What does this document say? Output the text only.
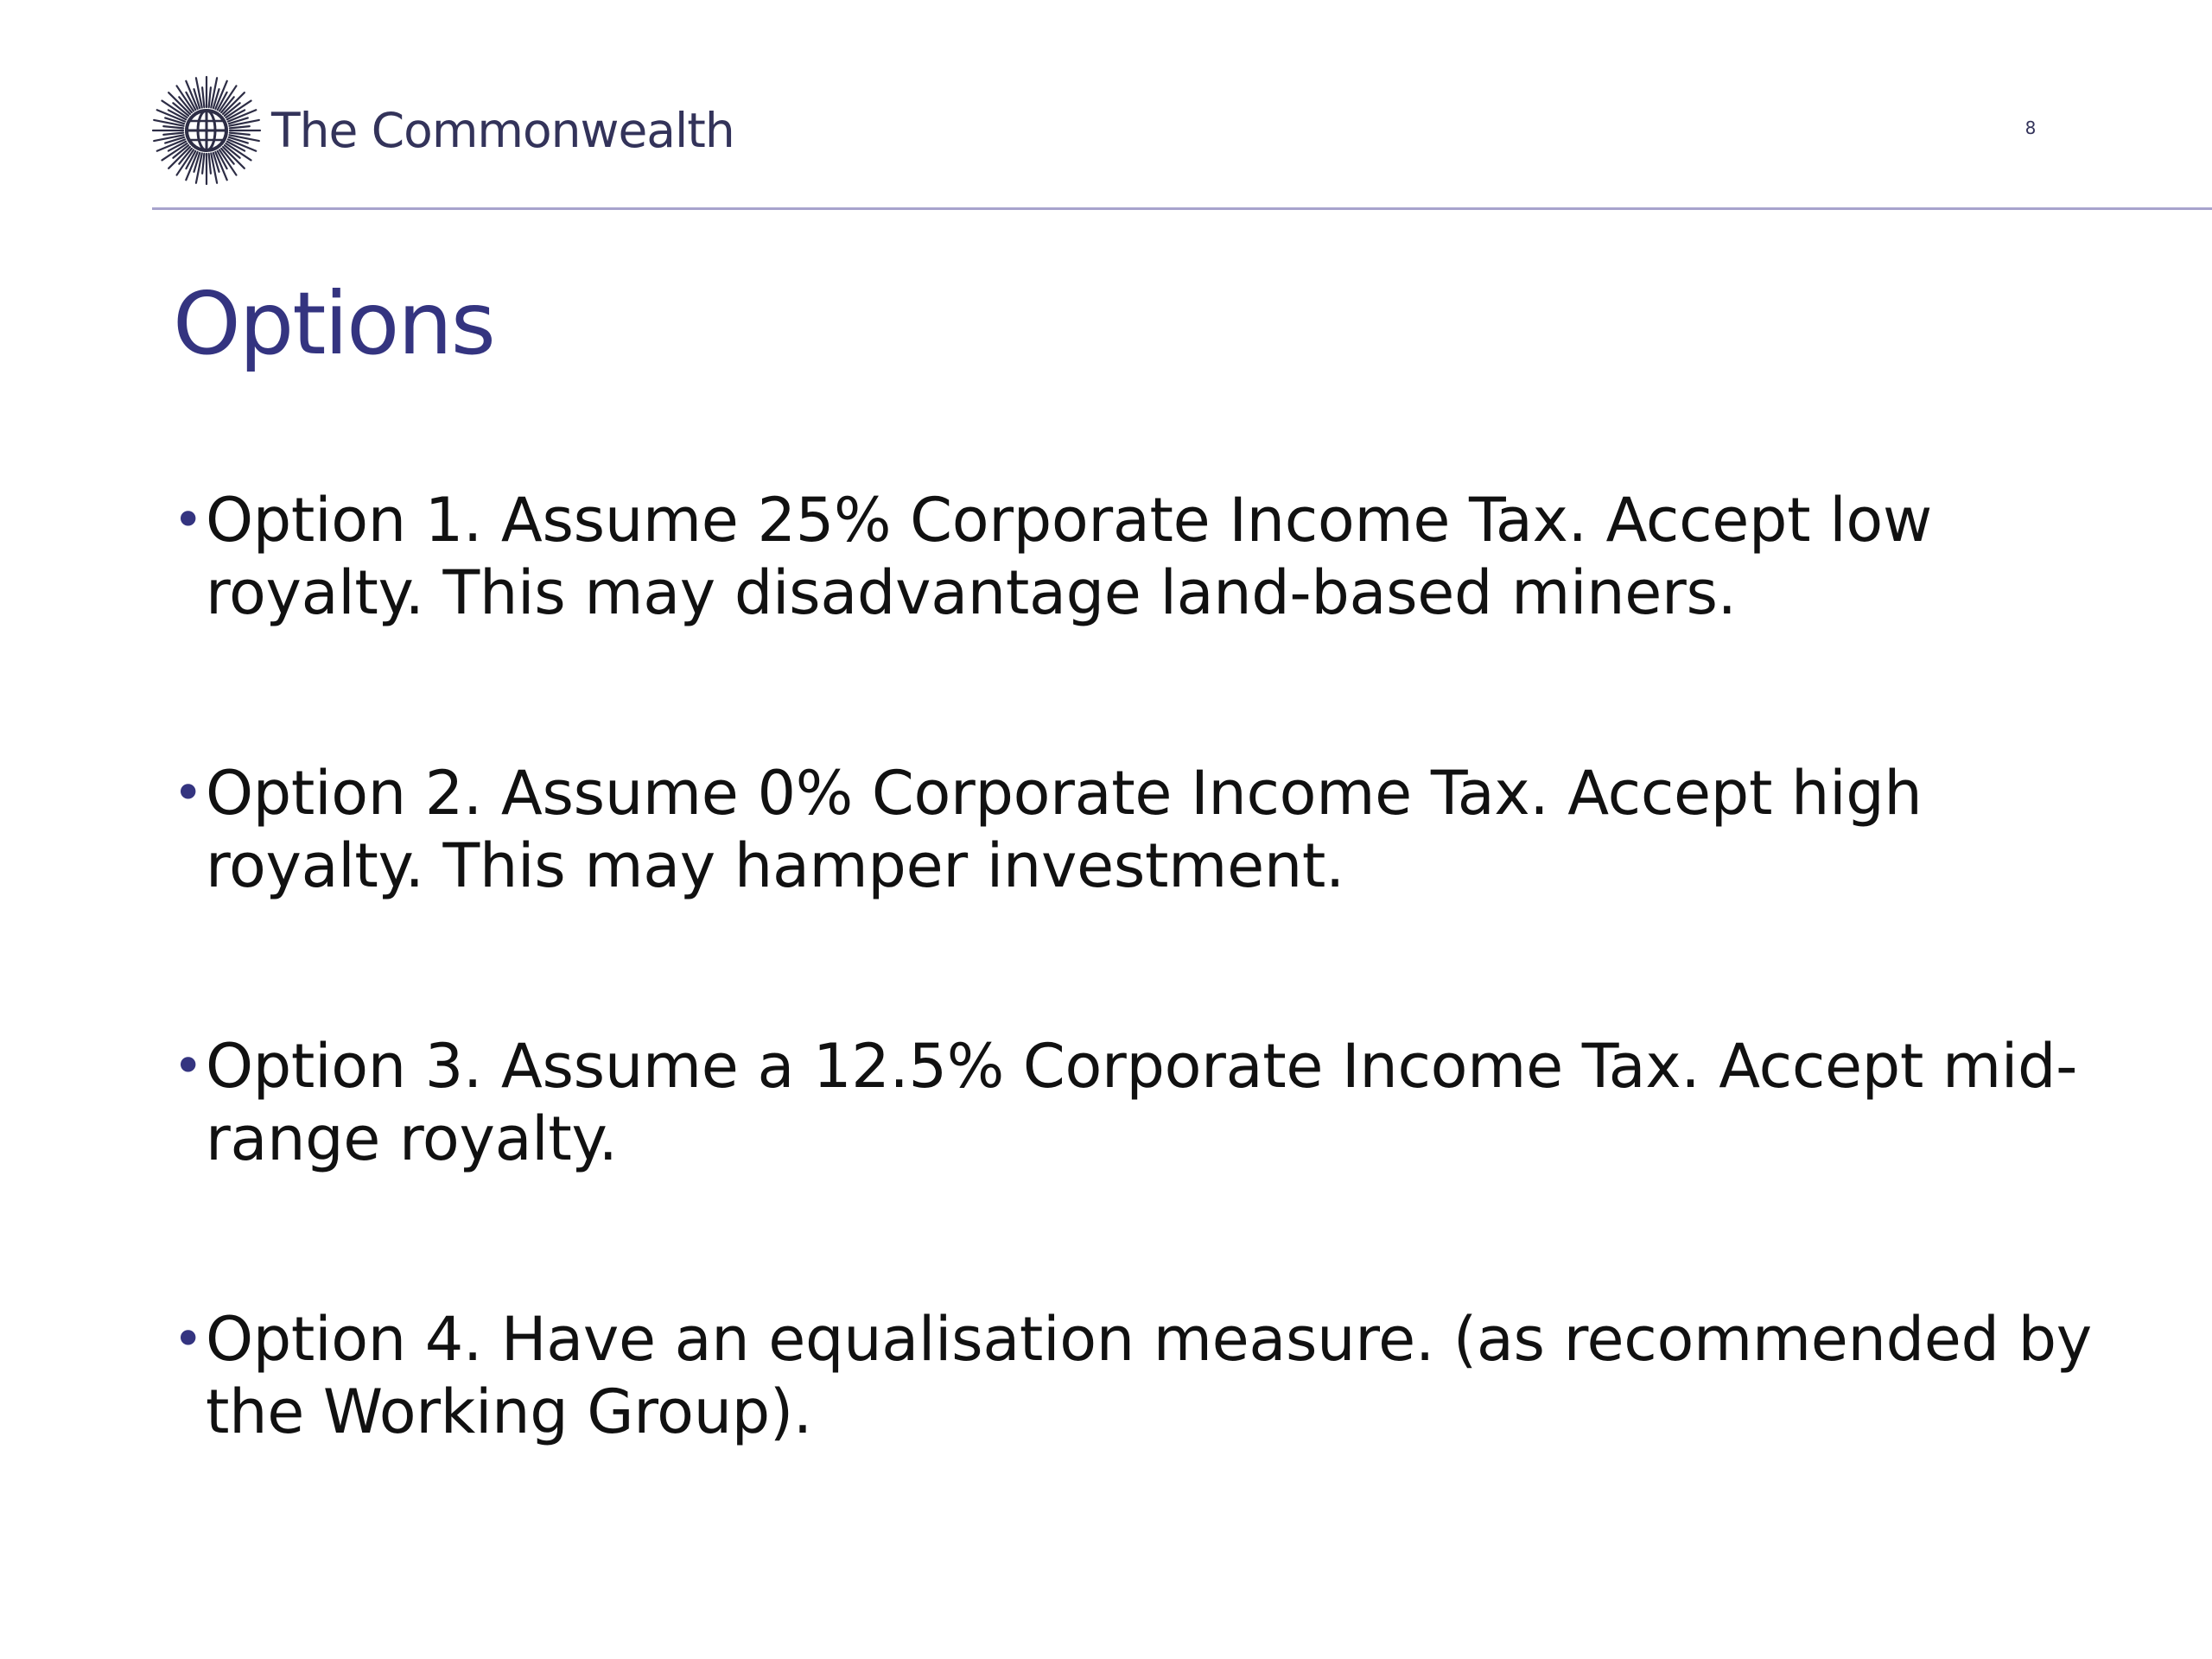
The Commonwealth	8
Options
• Option 1. Assume 25% Corporate Income Tax. Accept low royalty. This may disadvantage land-based miners.
• Option 2. Assume 0% Corporate Income Tax. Accept high royalty. This may hamper investment.
• Option 3. Assume a 12.5% Corporate Income Tax. Accept mid-range royalty.
• Option 4. Have an equalisation measure. (as recommended by the Working Group).
